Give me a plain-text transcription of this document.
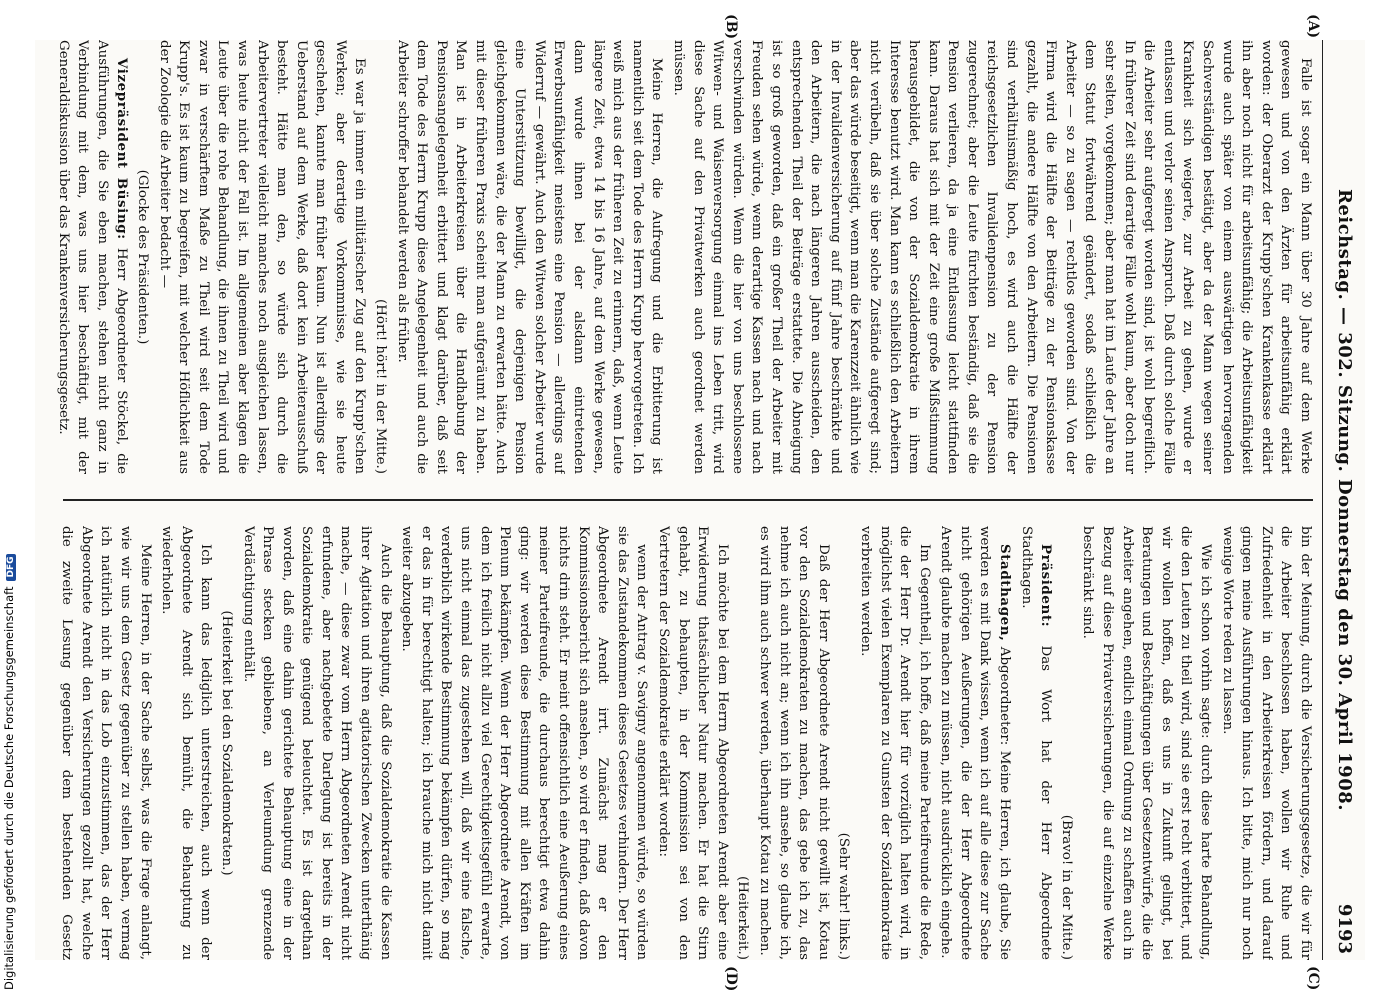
Reichstag. — 302. Sitzung. Donnerstag den 30. April 1908.
9193
(A)
(B)
(C)
(D)

Falle ist sogar ein Mann über 30 Jahre auf dem Werke gewesen und von den Ärzten für arbeitsunfähig erklärt worden: der Oberarzt der Krupp'schen Krankenkasse erklärt ihn aber noch nicht für arbeitsunfähig; die Arbeitsunfähigkeit wurde auch später von einem auswärtigen hervorragenden Sachverständigen bestätigt, aber da der Mann wegen seiner Krankheit sich weigerte, zur Arbeit zu gehen, wurde er entlassen und verlor seinen Anspruch. Daß durch solche Fälle die Arbeiter sehr aufgeregt worden sind, ist wohl begreiflich. In früherer Zeit sind derartige Fälle wohl kaum, aber doch nur sehr selten, vorgekommen; aber man hat im Laufe der Jahre an dem Statut fortwährend geändert, sodaß schließlich die Arbeiter — so zu sagen — rechtlos geworden sind. Von der Firma wird die Hälfte der Beiträge zu der Pensionskasse gezahlt, die andere Hälfte von den Arbeitern. Die Pensionen sind verhältnismäßig hoch, es wird auch die Hälfte der reichsgesetzlichen Invalidenpension zu der Pension zugerechnet; aber die Leute fürchten beständig, daß sie die Pension verlieren, da ja eine Entlassung leicht stattfinden kann. Daraus hat sich mit der Zeit eine große Mißstimmung herausgebildet, die von der Sozialdemokratie in ihrem Interesse benutzt wird. Man kann es schließlich den Arbeitern nicht verübeln, daß sie über solche Zustände aufgeregt sind; aber das würde beseitigt, wenn man die Karenzzeit ähnlich wie in der Invalidenversicherung auf fünf Jahre beschränkte und den Arbeitern, die nach längeren Jahren ausscheiden, den entsprechenden Theil der Beiträge erstattete. Die Abneigung ist so groß geworden, daß ein großer Theil der Arbeiter mit Freuden sehen würde, wenn derartige Kassen nach und nach verschwinden würden. Wenn die hier von uns beschlossene Witwen- und Waisenversorgung einmal ins Leben tritt, wird diese Sache auf den Privatwerken auch geordnet werden müssen.

Meine Herren, die Aufregung und die Erbitterung ist namentlich seit dem Tode des Herrn Krupp hervorgetreten. Ich weiß mich aus der früheren Zeit zu erinnern, daß, wenn Leute längere Zeit, etwa 14 bis 16 Jahre, auf dem Werke gewesen, dann wurde ihnen bei der alsdann eintretenden Erwerbsunfähigkeit meistens eine Pension — allerdings auf Widerruf — gewährt. Auch den Witwen solcher Arbeiter wurde eine Unterstützung bewilligt, die derjenigen Pension gleichgekommen wäre, die der Mann zu erwarten hätte. Auch mit dieser früheren Praxis scheint man aufgeräumt zu haben. Man ist in Arbeiterkreisen über die Handhabung der Pensionsangelegenheit erbittert und klagt darüber, daß seit dem Tode des Herrn Krupp diese Angelegenheit und auch die Arbeiter schroffer behandelt werden als früher.

(Hört! hört! in der Mitte.)

Es war ja immer ein militärischer Zug auf den Krupp'schen Werken; aber derartige Vorkommnisse, wie sie heute geschehen, kannte man früher kaum. Nun ist allerdings der Ueberstand auf dem Werke, daß dort kein Arbeiterausschuß besteht. Hätte man den, so würde sich durch die Arbeitervertreter vielleicht manches noch ausgleichen lassen, was heute nicht der Fall ist. Im allgemeinen aber klagen die Leute über die rohe Behandlung, die ihnen zu Theil wird und zwar in verschärftem Maße zu Theil wird seit dem Tode Krupp's. Es ist kaum zu begreifen, mit welcher Höflichkeit aus der Zoologie die Arbeiter bedacht —

(Glocke des Präsidenten.)

Vizepräsident Büsing: Herr Abgeordneter Stöckel, die Ausführungen, die Sie eben machen, stehen nicht ganz in Verbindung mit dem, was uns hier beschäftigt, mit der Generaldiskussion über das Krankenversicherungsgesetz.

bin der Meinung, durch die Versicherungsgesetze, die wir für die Arbeiter beschlossen haben, wollen wir Ruhe und Zufriedenheit in den Arbeiterkreisen fördern, und darauf gingen meine Ausführungen hinaus. Ich bitte, mich nur noch wenige Worte reden zu lassen.

Wie ich schon vorhin sagte: durch diese harte Behandlung, die den Leuten zu theil wird, sind sie erst recht verbittert, und wir wollen hoffen, daß es uns in Zukunft gelingt, bei Beratungen und Beschäftigungen über Gesetzentwürfe, die die Arbeiter angehen, endlich einmal Ordnung zu schaffen auch in Bezug auf diese Privatversicherungen, die auf einzelne Werke beschränkt sind.

(Bravo! in der Mitte.)

Präsident: Das Wort hat der Herr Abgeordnete Stadthagen.

Stadthagen, Abgeordneter: Meine Herren, ich glaube, Sie werden es mit Dank wissen, wenn ich auf alle diese zur Sache nicht gehörigen Aeußerungen, die der Herr Abgeordnete Arendt glaubte machen zu müssen, nicht ausdrücklich eingehe.

Im Gegentheil, ich hoffe, daß meine Parteifreunde die Rede, die der Herr Dr. Arendt hier für vorzüglich halten wird, in möglichst vielen Exemplaren zu Gunsten der Sozialdemokratie verbreiten werden.

(Sehr wahr! links.)

Daß der Herr Abgeordnete Arendt nicht gewillt ist, Kotau vor den Sozialdemokraten zu machen, das gebe ich zu, das nehme ich auch nicht an; wenn ich ihn ansehe, so glaube ich, es wird ihm auch schwer werden, überhaupt Kotau zu machen.

(Heiterkeit.)

Ich möchte bei dem Herrn Abgeordneten Arendt aber eine Erwiderung thatsächlicher Natur machen. Er hat die Stirn gehabt, zu behaupten, in der Kommission sei von den Vertretern der Sozialdemokratie erklärt worden:

wenn der Antrag v. Savigny angenommen würde, so würden sie das Zustandekommen dieses Gesetzes verhindern. Der Herr Abgeordnete Arendt irrt. Zunächst mag er den Kommissionsbericht sich ansehen, so wird er finden, daß davon nichts drin steht. Er meint offensichtlich eine Aeußerung eines meiner Parteifreunde, die durchaus berechtigt etwa dahin ging: wir werden diese Bestimmung mit allen Kräften im Plenum bekämpfen. Wenn der Herr Abgeordnete Arendt, von dem ich freilich nicht allzu viel Gerechtigkeitsgefühl erwarte, uns nicht einmal das zugestehen will, daß wir eine falsche, verderblich wirkende Bestimmung bekämpfen dürfen, so mag er das in für berechtigt halten; ich brauche mich nicht damit weiter abzugeben.

Auch die Behauptung, daß die Sozialdemokratie die Kassen ihrer Agitation und ihren agitatorischen Zwecken unterthänig mache, — diese zwar vom Herrn Abgeordneten Arendt nicht erfundene, aber nachgebetete Darlegung ist bereits in der Sozialdemokratie genügend beleuchtet. Es ist dargethan worden, daß eine dahin gerichtete Behauptung eine in der Phrase stecken gebliebene, an Verleumdung grenzende Verdächtigung enthält.

(Heiterkeit bei den Sozialdemokraten.)

Ich kann das lediglich unterstreichen, auch wenn der Abgeordnete Arendt sich bemüht, die Behauptung zu wiederholen.

Meine Herren, in der Sache selbst, was die Frage anlangt, wie wir uns dem Gesetz gegenüber zu stellen haben, vermag ich natürlich nicht in das Lob einzustimmen, das der Herr Abgeordnete Arendt den Versicherungen gezollt hat, welche die zweite Lesung gegenüber dem bestehenden Gesetz

Digitalisierung gefördert durch die Deutsche ForschungsgemeinschaftDFG
